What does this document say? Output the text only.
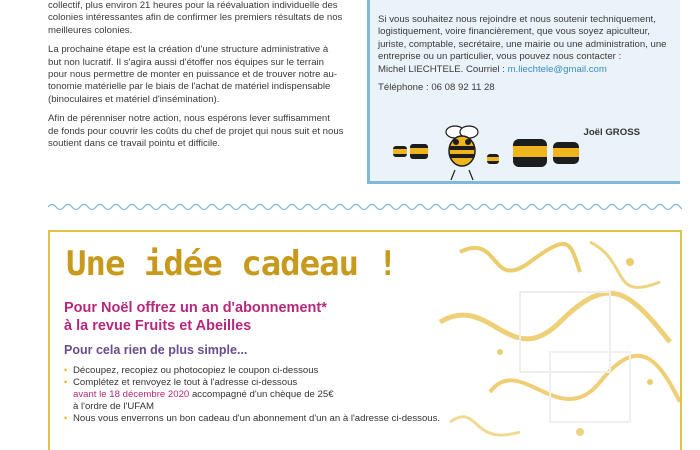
collectif, plus environ 21 heures pour la réévaluation individuelle des
colonies intéressantes afin de confirmer les premiers résultats de nos
meilleures colonies.

La prochaine étape est la création d'une structure administrative à
but non lucratif. Il s'agira aussi d'étoffer nos équipes sur le terrain
pour nous permettre de monter en puissance et de trouver notre au-
tonomie matérielle par le biais de l'achat de matériel indispensable
(binoculaires et matériel d'insémination).

Afin de pérenniser notre action, nous espérons lever suffisamment
de fonds pour couvrir les coûts du chef de projet qui nous suit et nous
soutient dans ce travail pointu et difficile.

Si vous souhaitez nous rejoindre et nous soutenir techniquement,
logistiquement, voire financièrement, que vous soyez apiculteur,
juriste, comptable, secrétaire, une mairie ou une administration, une
entreprise ou un particulier, vous pouvez nous contacter :
Michel LIECHTELE. Courriel : m.liechtele@gmail.com
Téléphone : 06 08 92 11 28
Joël GROSS
Une idée cadeau !
Pour Noël offrez un an d'abonnement*
à la revue Fruits et Abeilles
Pour cela rien de plus simple...
• Découpez, recopiez ou photocopiez le coupon ci-dessous
• Complétez et renvoyez le tout à l'adresse ci-dessous
avant le 18 décembre 2020 accompagné d'un chèque de 25€
à l'ordre de l'UFAM
• Nous vous enverrons un bon cadeau d'un abonnement d'un an à l'adresse ci-dessous.
